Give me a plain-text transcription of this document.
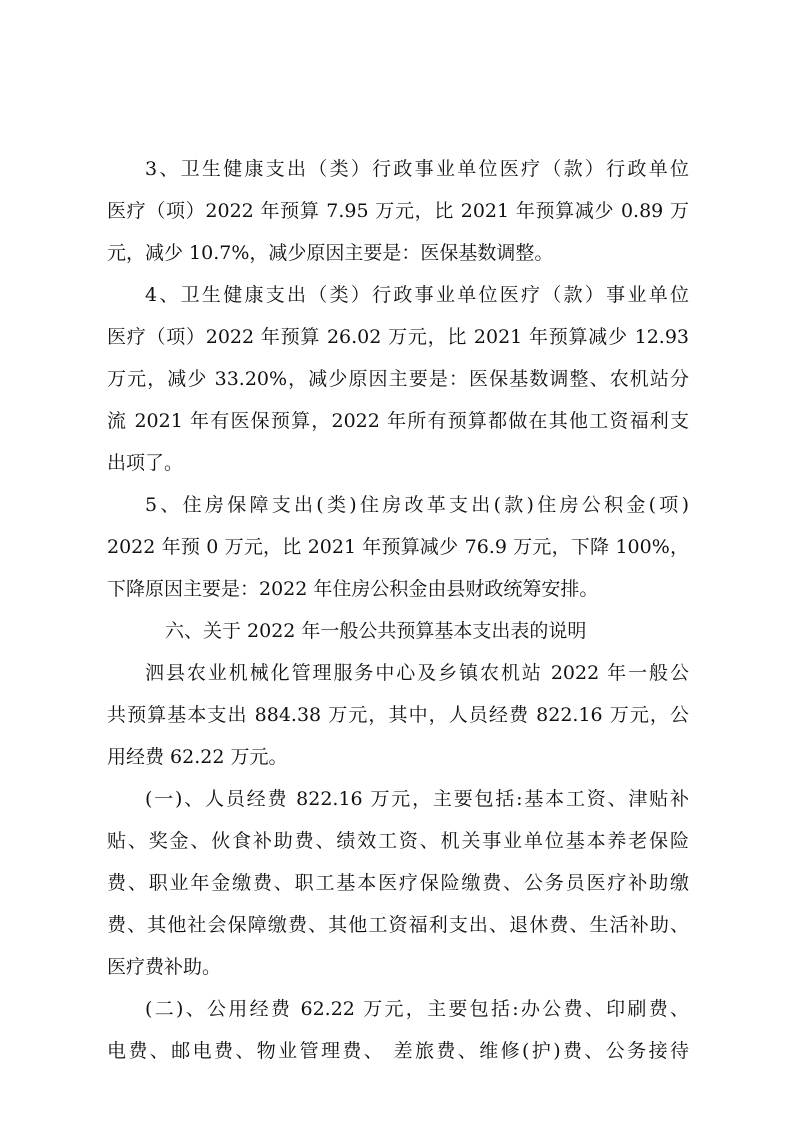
3、卫生健康支出（类）行政事业单位医疗（款）行政单位
医疗（项）2022 年预算 7.95 万元，比 2021 年预算减少 0.89 万
元，减少 10.7%，减少原因主要是：医保基数调整。
4、卫生健康支出（类）行政事业单位医疗（款）事业单位
医疗（项）2022 年预算 26.02 万元，比 2021 年预算减少 12.93
万元，减少 33.20%，减少原因主要是：医保基数调整、农机站分
流 2021 年有医保预算，2022 年所有预算都做在其他工资福利支
出项了。
5、住房保障支出(类)住房改革支出(款)住房公积金(项)
2022 年预 0 万元，比 2021 年预算减少 76.9 万元，下降 100%，
下降原因主要是：2022 年住房公积金由县财政统筹安排。
六、关于 2022 年一般公共预算基本支出表的说明
泗县农业机械化管理服务中心及乡镇农机站 2022 年一般公
共预算基本支出 884.38 万元，其中，人员经费 822.16 万元，公
用经费 62.22 万元。
(一)、人员经费 822.16 万元，主要包括:基本工资、津贴补
贴、奖金、伙食补助费、绩效工资、机关事业单位基本养老保险
费、职业年金缴费、职工基本医疗保险缴费、公务员医疗补助缴
费、其他社会保障缴费、其他工资福利支出、退休费、生活补助、
医疗费补助。
(二)、公用经费 62.22 万元，主要包括:办公费、印刷费、
电费、邮电费、物业管理费、 差旅费、维修(护)费、公务接待
